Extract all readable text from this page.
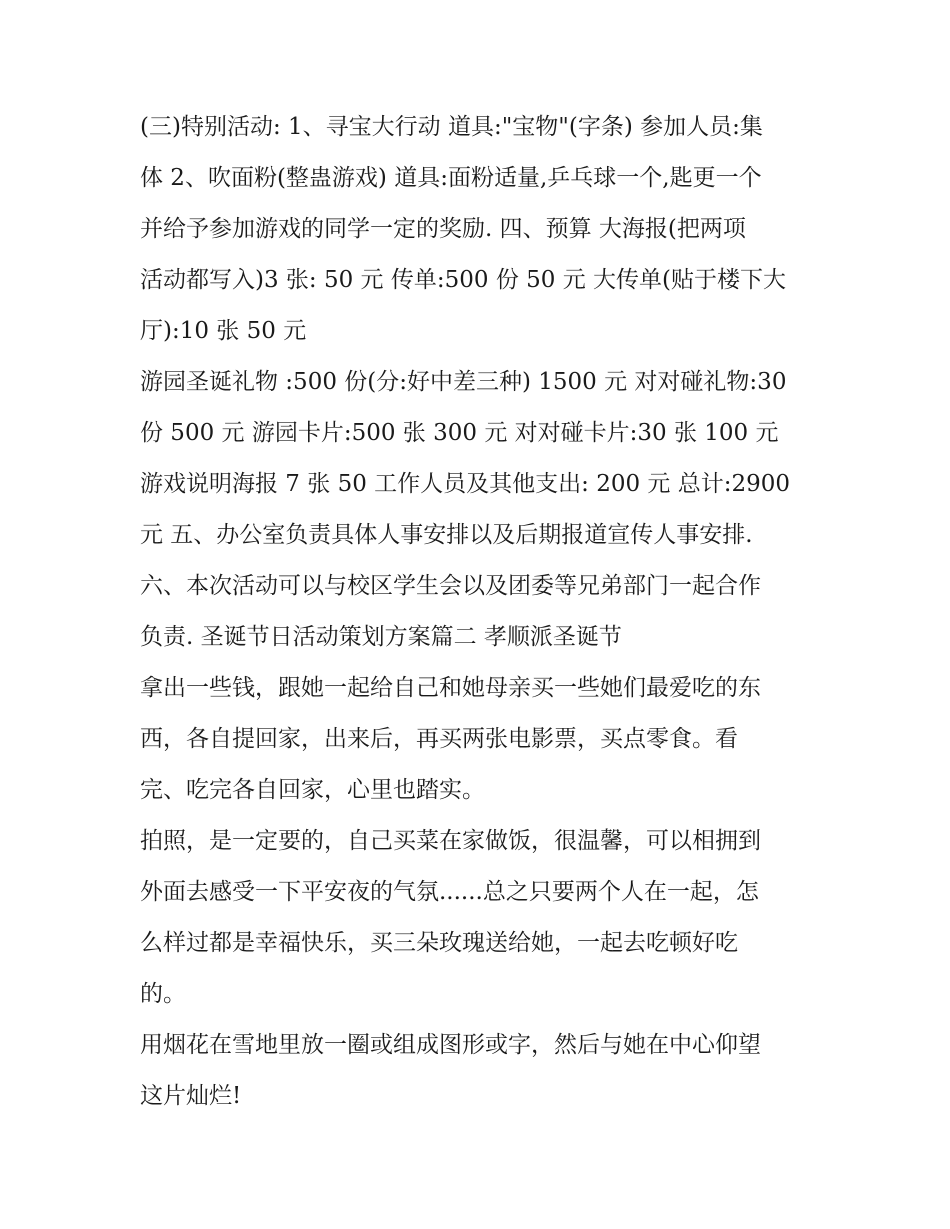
(三)特别活动: 1、寻宝大行动 道具:"宝物"(字条) 参加人员:集
体 2、吹面粉(整蛊游戏) 道具:面粉适量,乒乓球一个,匙更一个
并给予参加游戏的同学一定的奖励. 四、预算 大海报(把两项
活动都写入)3 张: 50 元 传单:500 份 50 元 大传单(贴于楼下大
厅):10 张 50 元
游园圣诞礼物 :500 份(分:好中差三种) 1500 元 对对碰礼物:30
份 500 元 游园卡片:500 张 300 元 对对碰卡片:30 张 100 元
游戏说明海报 7 张 50 工作人员及其他支出: 200 元 总计:2900
元 五、办公室负责具体人事安排以及后期报道宣传人事安排.
六、本次活动可以与校区学生会以及团委等兄弟部门一起合作
负责. 圣诞节日活动策划方案篇二 孝顺派圣诞节
拿出一些钱，跟她一起给自己和她母亲买一些她们最爱吃的东
西，各自提回家，出来后，再买两张电影票，买点零食。看
完、吃完各自回家，心里也踏实。
拍照，是一定要的，自己买菜在家做饭，很温馨，可以相拥到
外面去感受一下平安夜的气氛......总之只要两个人在一起，怎
么样过都是幸福快乐，买三朵玫瑰送给她，一起去吃顿好吃
的。
用烟花在雪地里放一圈或组成图形或字，然后与她在中心仰望
这片灿烂!
